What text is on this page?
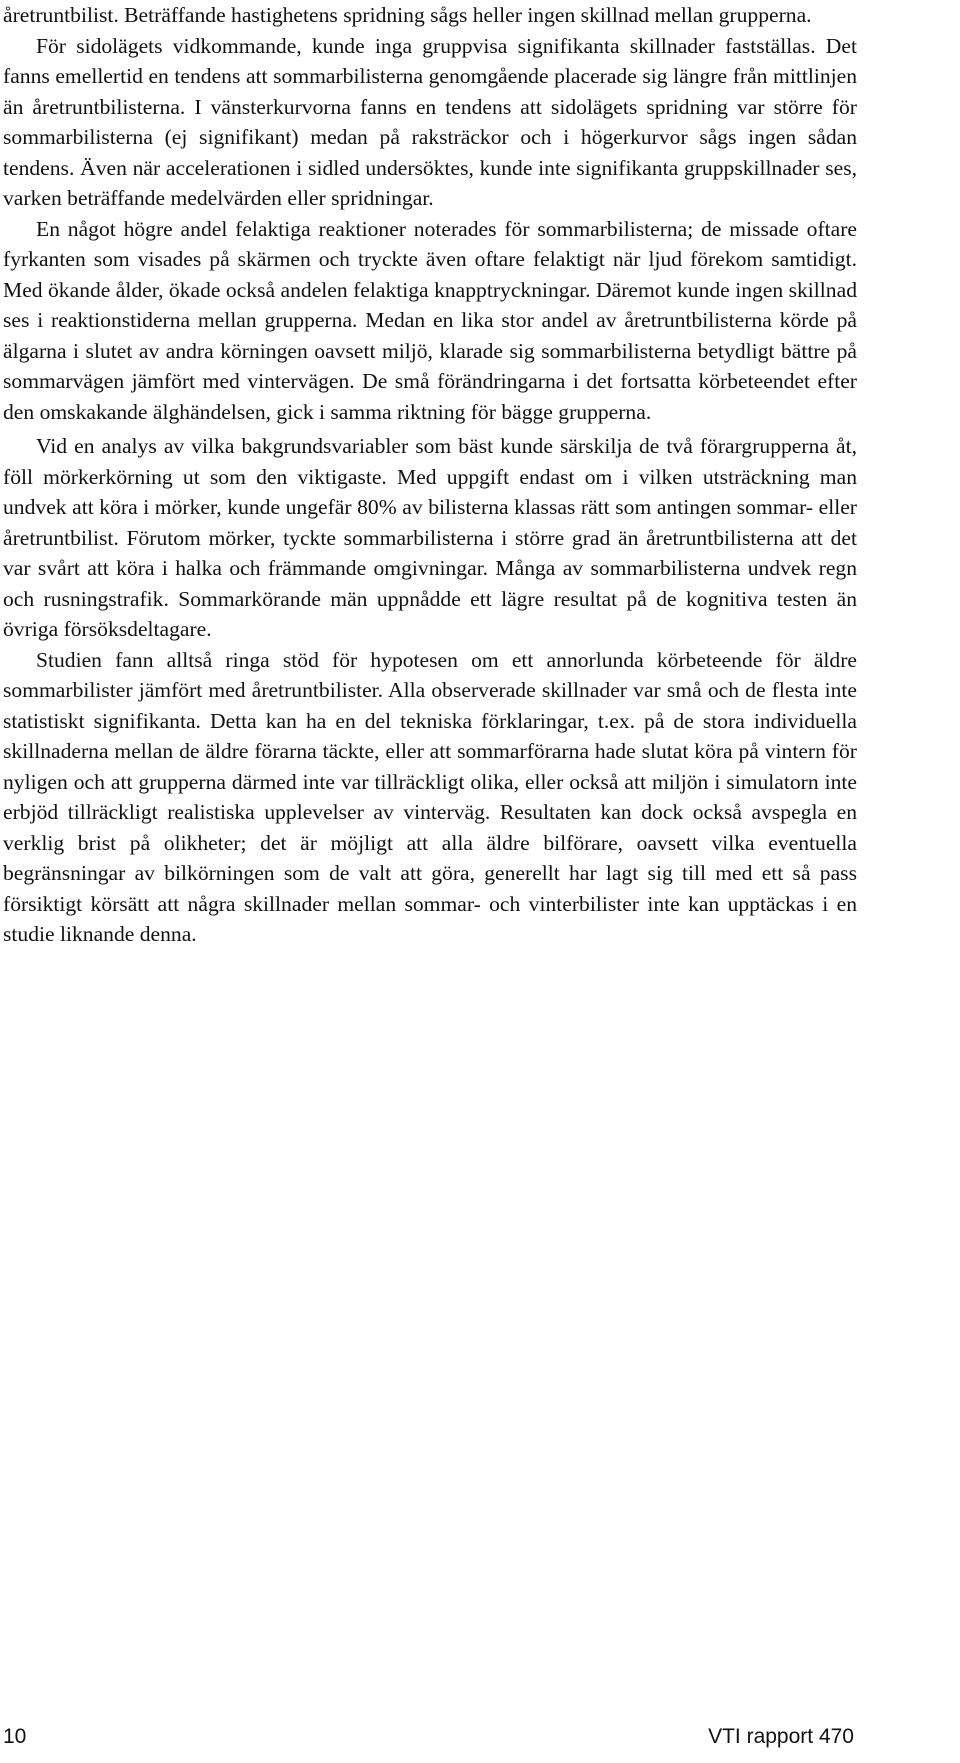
åretruntbilist. Beträffande hastighetens spridning sågs heller ingen skillnad mellan grupperna.

För sidolägets vidkommande, kunde inga gruppvisa signifikanta skillnader fastställas. Det fanns emellertid en tendens att sommarbilisterna genomgående placerade sig längre från mittlinjen än åretruntbilisterna. I vänsterkurvorna fanns en tendens att sidolägets spridning var större för sommarbilisterna (ej signifikant) medan på raksträckor och i högerkurvor sågs ingen sådan tendens. Även när accelerationen i sidled undersöktes, kunde inte signifikanta gruppskillnader ses, varken beträffande medelvärden eller spridningar.

En något högre andel felaktiga reaktioner noterades för sommarbilisterna; de missade oftare fyrkanten som visades på skärmen och tryckte även oftare felaktigt när ljud förekom samtidigt. Med ökande ålder, ökade också andelen felaktiga knapptryckningar. Däremot kunde ingen skillnad ses i reaktionstiderna mellan grupperna. Medan en lika stor andel av åretruntbilisterna körde på älgarna i slutet av andra körningen oavsett miljö, klarade sig sommarbilisterna betydligt bättre på sommarvägen jämfört med vintervägen. De små förändringarna i det fortsatta körbeteendet efter den omskakande älghändelsen, gick i samma riktning för bägge grupperna.

Vid en analys av vilka bakgrundsvariabler som bäst kunde särskilja de två förargrupperna åt, föll mörkerkörning ut som den viktigaste. Med uppgift endast om i vilken utsträckning man undvek att köra i mörker, kunde ungefär 80% av bilisterna klassas rätt som antingen sommar- eller åretruntbilist. Förutom mörker, tyckte sommarbilisterna i större grad än åretruntbilisterna att det var svårt att köra i halka och främmande omgivningar. Många av sommarbilisterna undvek regn och rusningstrafik. Sommarkörande män uppnådde ett lägre resultat på de kognitiva testen än övriga försöksdeltagare.

Studien fann alltså ringa stöd för hypotesen om ett annorlunda körbeteende för äldre sommarbilister jämfört med åretruntbilister. Alla observerade skillnader var små och de flesta inte statistiskt signifikanta. Detta kan ha en del tekniska förklaringar, t.ex. på de stora individuella skillnaderna mellan de äldre förarna täckte, eller att sommarförarna hade slutat köra på vintern för nyligen och att grupperna därmed inte var tillräckligt olika, eller också att miljön i simulatorn inte erbjöd tillräckligt realistiska upplevelser av vinterväg. Resultaten kan dock också avspegla en verklig brist på olikheter; det är möjligt att alla äldre bilförare, oavsett vilka eventuella begränsningar av bilkörningen som de valt att göra, generellt har lagt sig till med ett så pass försiktigt körsätt att några skillnader mellan sommar- och vinterbilister inte kan upptäckas i en studie liknande denna.

10	VTI rapport 470
